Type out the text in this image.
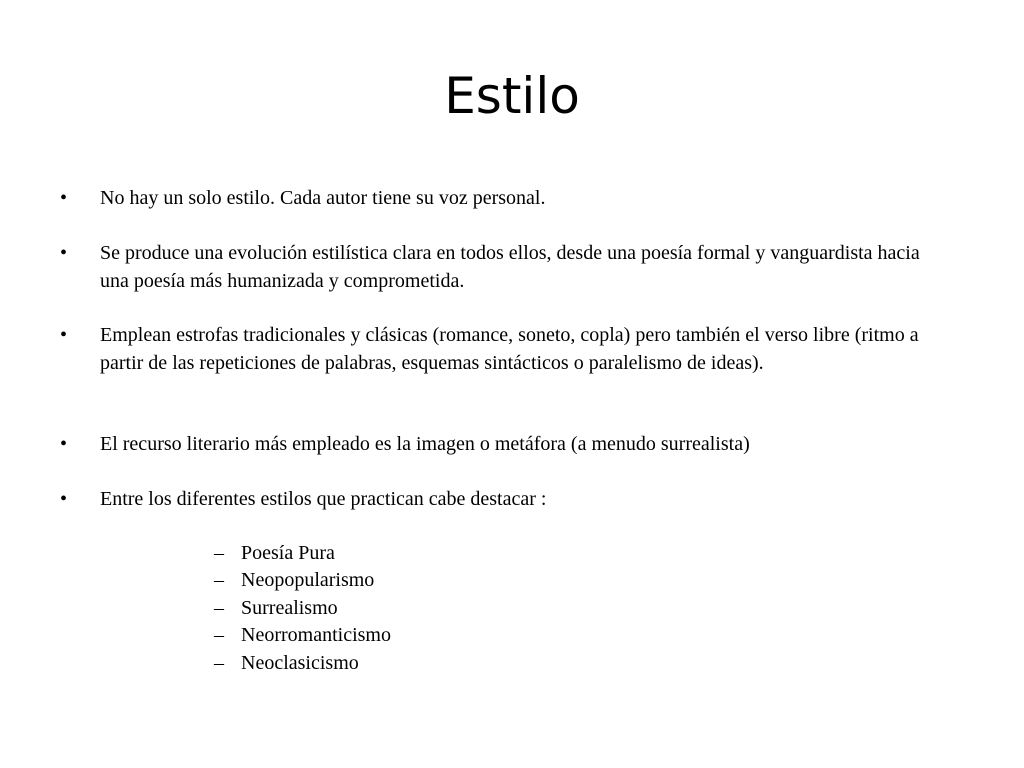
Estilo
• No hay un solo estilo. Cada autor tiene su voz personal.
• Se produce una evolución estilística clara en todos ellos, desde una poesía formal y vanguardista hacia una poesía más humanizada y comprometida.
• Emplean estrofas tradicionales y clásicas (romance, soneto, copla) pero también el verso libre (ritmo a partir de las repeticiones de palabras, esquemas sintácticos o paralelismo de ideas).
• El recurso literario más empleado es la imagen o metáfora (a menudo surrealista)
• Entre los diferentes estilos que practican cabe destacar :
– Poesía Pura
– Neopopularismo
– Surrealismo
– Neorromanticismo
– Neoclasicismo
